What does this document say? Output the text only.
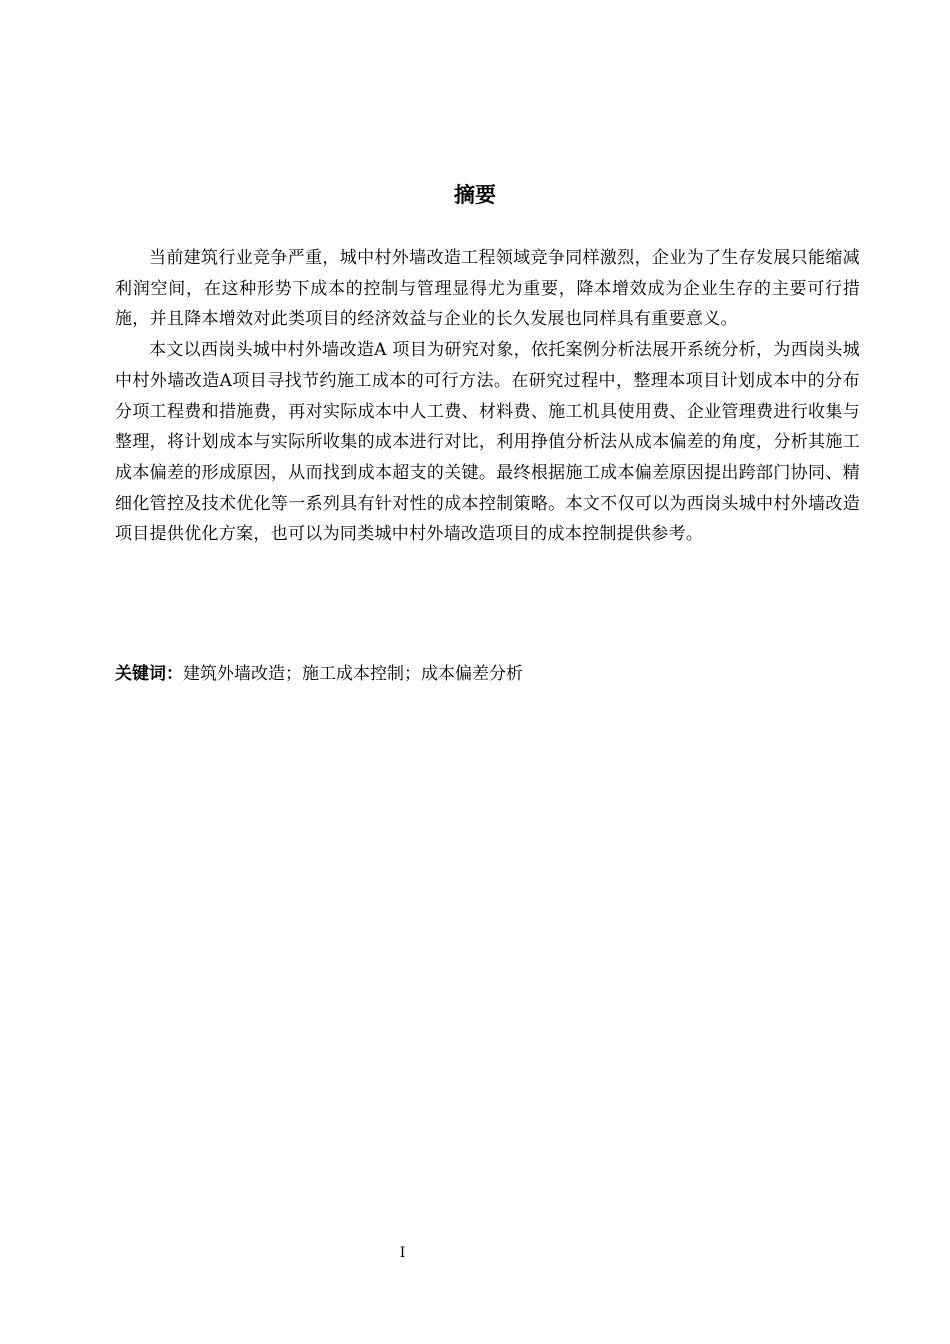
摘要

当前建筑行业竞争严重，城中村外墙改造工程领域竞争同样激烈，企业为了生存发展只能缩减利润空间，在这种形势下成本的控制与管理显得尤为重要，降本增效成为企业生存的主要可行措施，并且降本增效对此类项目的经济效益与企业的长久发展也同样具有重要意义。

本文以西岗头城中村外墙改造A 项目为研究对象，依托案例分析法展开系统分析，为西岗头城中村外墙改造A项目寻找节约施工成本的可行方法。在研究过程中，整理本项目计划成本中的分布分项工程费和措施费，再对实际成本中人工费、材料费、施工机具使用费、企业管理费进行收集与整理，将计划成本与实际所收集的成本进行对比，利用挣值分析法从成本偏差的角度，分析其施工成本偏差的形成原因，从而找到成本超支的关键。最终根据施工成本偏差原因提出跨部门协同、精细化管控及技术优化等一系列具有针对性的成本控制策略。本文不仅可以为西岗头城中村外墙改造项目提供优化方案，也可以为同类城中村外墙改造项目的成本控制提供参考。

关键词：建筑外墙改造；施工成本控制；成本偏差分析

I
